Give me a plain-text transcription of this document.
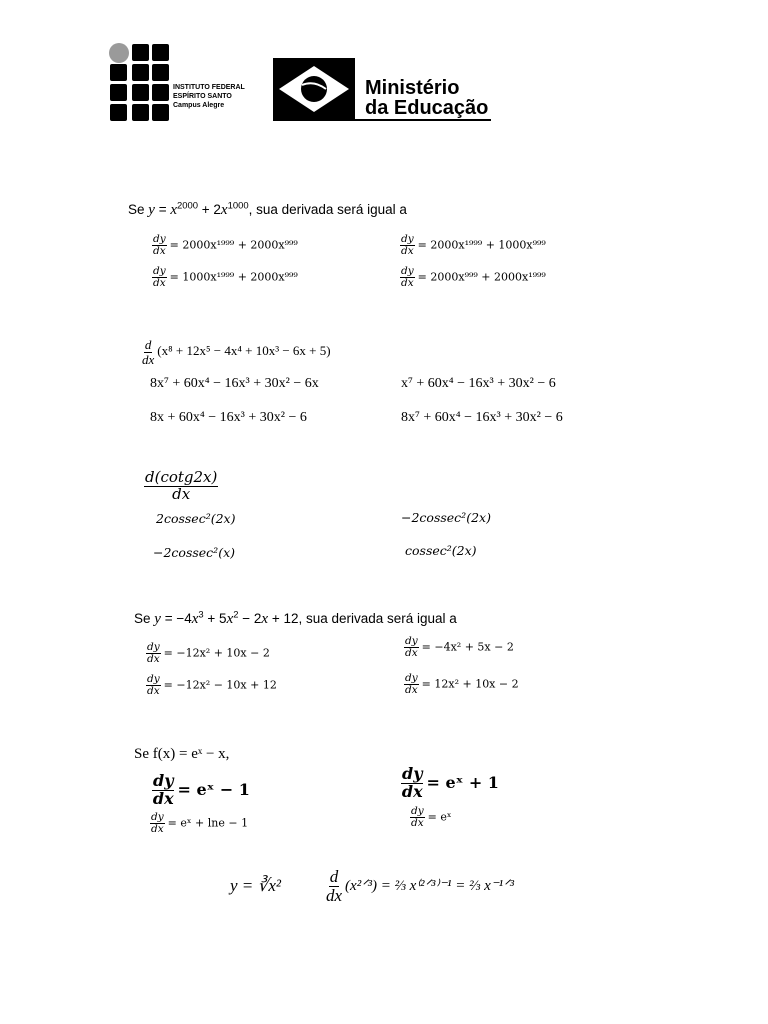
INSTITUTO FEDERAL
ESPÍRITO SANTO
Campus Alegre
Ministério
da Educação
Se $y = x^{2000} + 2x^{1000}$, sua derivada será igual a
$\frac{dy}{dx} = 2000x^{1999} + 2000x^{999}$	$\frac{dy}{dx} = 2000x^{1999} + 1000x^{999}$
$\frac{dy}{dx} = 1000x^{1999} + 2000x^{999}$	$\frac{dy}{dx} = 2000x^{999} + 2000x^{1999}$
$\frac{d}{dx} (x^8 + 12x^5 - 4x^4 + 10x^3 - 6x + 5)$
8x⁷ + 60x⁴ − 16x³ + 30x² − 6x	x⁷ + 60x⁴ − 16x³ + 30x² − 6
8x + 60x⁴ − 16x³ + 30x² − 6	8x⁷ + 60x⁴ − 16x³ + 30x² − 6
$\frac{d(\cot g2x)}{dx}$
2cossec²(2x)	−2cossec²(2x)
−2cossec²(x)	cossec²(2x)
Se $y = -4x^3 + 5x^2 - 2x + 12$, sua derivada será igual a
$\frac{dy}{dx} = -12x^2 + 10x - 2$	$\frac{dy}{dx} = -4x^2 + 5x - 2$
$\frac{dy}{dx} = -12x^2 - 10x + 12$	$\frac{dy}{dx} = 12x^2 + 10x - 2$
Se f(x) = eˣ − x,
$\frac{dy}{dx}$ = eˣ − 1	$\frac{dy}{dx}$ = eˣ + 1
$\frac{dy}{dx}$ = eˣ + lne − 1	$\frac{dy}{dx}$ = eˣ
y = ∛x²	$\frac{d}{dx}$ (x²ᐟ³) = ⅔ x⁽²ᐟ³⁾⁻¹ = ⅔ x⁻¹ᐟ³
